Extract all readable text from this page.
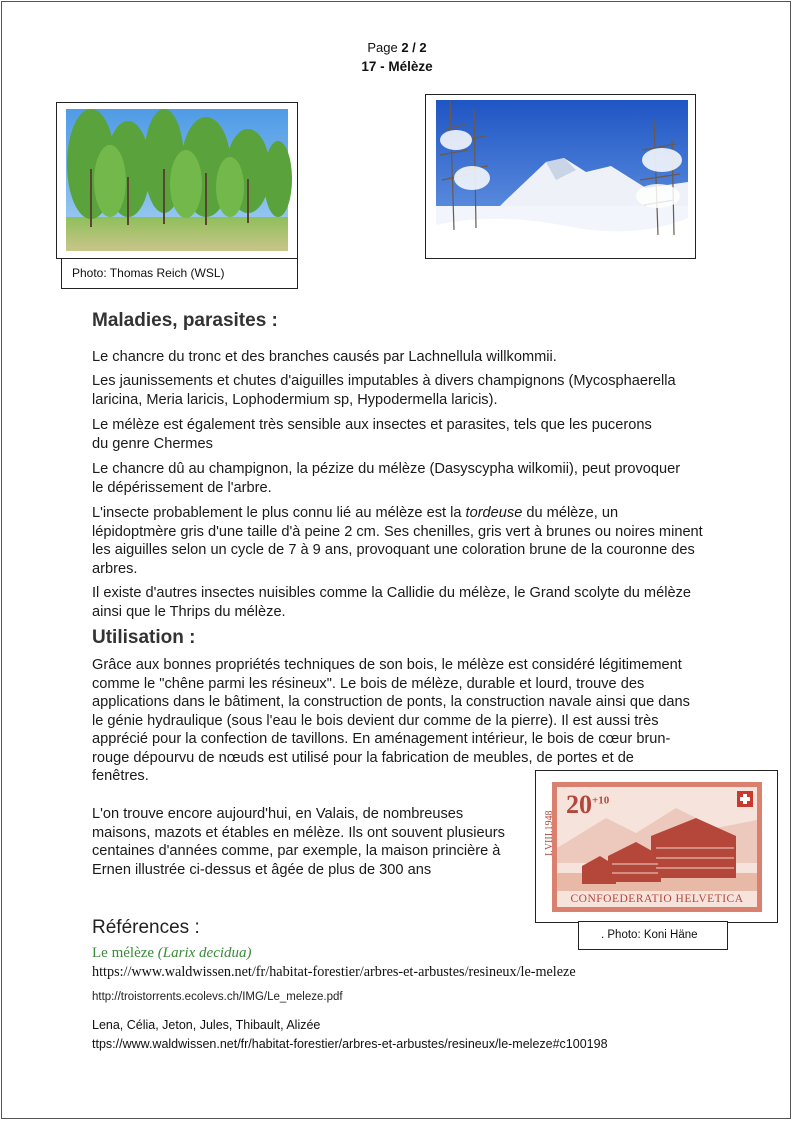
Page 2 / 2
17 - Mélèze
Photo: Thomas Reich (WSL)
Maladies, parasites :
Le chancre du tronc et des branches causés par Lachnellula willkommii.
Les jaunissements et chutes d'aiguilles imputables à divers champignons (Mycosphaerella laricina, Meria laricis, Lophodermium sp, Hypodermella laricis).
Le mélèze est également très sensible aux insectes et parasites, tels que les pucerons du genre Chermes
Le chancre dû au champignon, la pézize du mélèze (Dasyscypha wilkomii), peut provoquer le dépérissement de l'arbre.
L'insecte probablement le plus connu lié au mélèze est la tordeuse du mélèze, un lépidoptmère gris d'une taille d'à peine 2 cm. Ses chenilles, gris vert à brunes ou noires minent les aiguilles selon un cycle de 7 à 9 ans, provoquant une coloration brune de la couronne des arbres.
Il existe d'autres insectes nuisibles comme la Callidie du mélèze, le Grand scolyte du mélèze ainsi que le Thrips du mélèze.
Utilisation :
Grâce aux bonnes propriétés techniques de son bois, le mélèze est considéré légitimement comme le "chêne parmi les résineux". Le bois de mélèze, durable et lourd, trouve des applications dans le bâtiment, la construction de ponts, la construction navale ainsi que dans le génie hydraulique (sous l'eau le bois devient dur comme de la pierre). Il est aussi très apprécié pour la confection de tavillons. En aménagement intérieur, le bois de cœur brun-rouge dépourvu de nœuds est utilisé pour la fabrication de meubles, de portes et de fenêtres.
L'on trouve encore aujourd'hui, en Valais, de nombreuses maisons, mazots et étables en mélèze. Ils ont souvent plusieurs centaines d'années comme, par exemple, la maison princière à Ernen illustrée ci-dessus et âgée de plus de 300 ans
$20^{+10}$
I.VIII.1948
CONFOEDERATIO HELVETICA
. Photo: Koni Häne
Références :
Le mélèze (Larix decidua)
https://www.waldwissen.net/fr/habitat-forestier/arbres-et-arbustes/resineux/le-meleze
http://troistorrents.ecolevs.ch/IMG/Le_meleze.pdf
Lena, Célia, Jeton, Jules, Thibault, Alizée
ttps://www.waldwissen.net/fr/habitat-forestier/arbres-et-arbustes/resineux/le-meleze#c100198
